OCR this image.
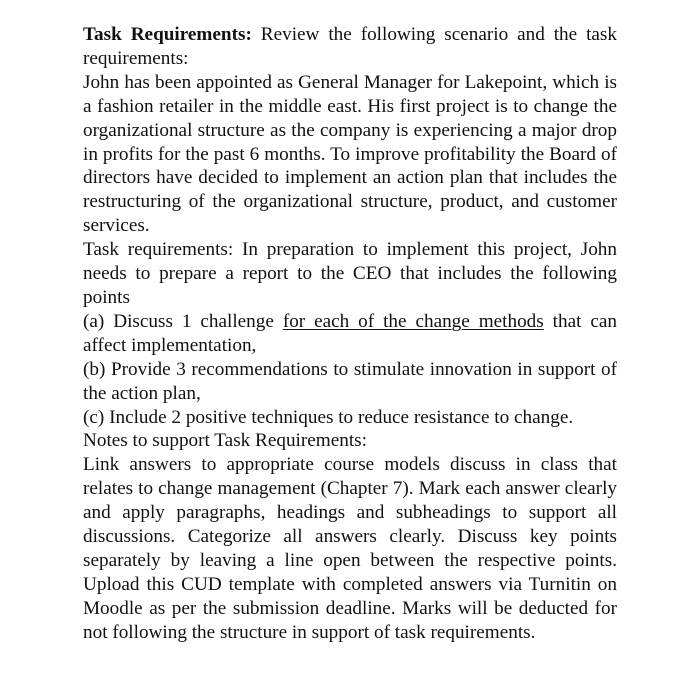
Task Requirements: Review the following scenario and the task requirements:

John has been appointed as General Manager for Lakepoint, which is a fashion retailer in the middle east. His first project is to change the organizational structure as the company is experiencing a major drop in profits for the past 6 months. To improve profitability the Board of directors have decided to implement an action plan that includes the restructuring of the organizational structure, product, and customer services.

Task requirements: In preparation to implement this project, John needs to prepare a report to the CEO that includes the following points

(a) Discuss 1 challenge for each of the change methods that can affect implementation,

(b) Provide 3 recommendations to stimulate innovation in support of the action plan,

(c) Include 2 positive techniques to reduce resistance to change.

Notes to support Task Requirements:

Link answers to appropriate course models discuss in class that relates to change management (Chapter 7). Mark each answer clearly and apply paragraphs, headings and subheadings to support all discussions. Categorize all answers clearly. Discuss key points separately by leaving a line open between the respective points. Upload this CUD template with completed answers via Turnitin on Moodle as per the submission deadline. Marks will be deducted for not following the structure in support of task requirements.
